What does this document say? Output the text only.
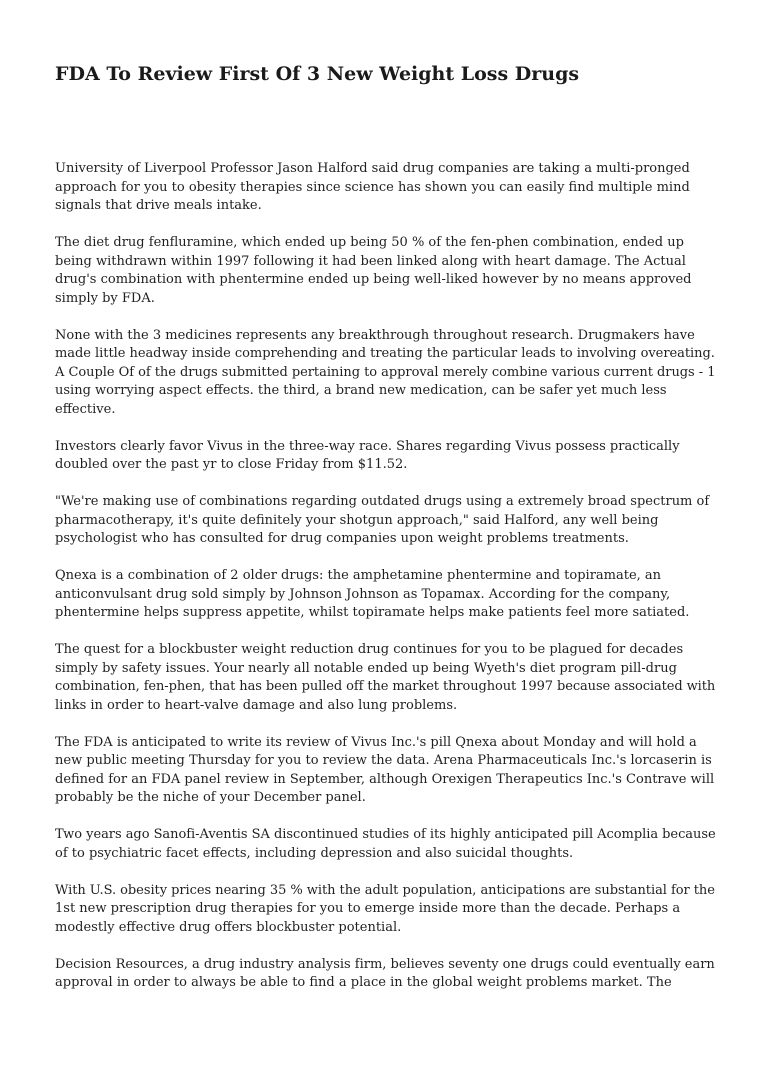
FDA To Review First Of 3 New Weight Loss Drugs

University of Liverpool Professor Jason Halford said drug companies are taking a multi-pronged
approach for you to obesity therapies since science has shown you can easily find multiple mind
signals that drive meals intake.

The diet drug fenfluramine, which ended up being 50 % of the fen-phen combination, ended up
being withdrawn within 1997 following it had been linked along with heart damage. The Actual
drug's combination with phentermine ended up being well-liked however by no means approved
simply by FDA.

None with the 3 medicines represents any breakthrough throughout research. Drugmakers have
made little headway inside comprehending and treating the particular leads to involving overeating.
A Couple Of of the drugs submitted pertaining to approval merely combine various current drugs - 1
using worrying aspect effects. the third, a brand new medication, can be safer yet much less
effective.

Investors clearly favor Vivus in the three-way race. Shares regarding Vivus possess practically
doubled over the past yr to close Friday from $11.52.

"We're making use of combinations regarding outdated drugs using a extremely broad spectrum of
pharmacotherapy, it's quite definitely your shotgun approach," said Halford, any well being
psychologist who has consulted for drug companies upon weight problems treatments.

Qnexa is a combination of 2 older drugs: the amphetamine phentermine and topiramate, an
anticonvulsant drug sold simply by Johnson Johnson as Topamax. According for the company,
phentermine helps suppress appetite, whilst topiramate helps make patients feel more satiated.

The quest for a blockbuster weight reduction drug continues for you to be plagued for decades
simply by safety issues. Your nearly all notable ended up being Wyeth's diet program pill-drug
combination, fen-phen, that has been pulled off the market throughout 1997 because associated with
links in order to heart-valve damage and also lung problems.

The FDA is anticipated to write its review of Vivus Inc.'s pill Qnexa about Monday and will hold a
new public meeting Thursday for you to review the data. Arena Pharmaceuticals Inc.'s lorcaserin is
defined for an FDA panel review in September, although Orexigen Therapeutics Inc.'s Contrave will
probably be the niche of your December panel.

Two years ago Sanofi-Aventis SA discontinued studies of its highly anticipated pill Acomplia because
of to psychiatric facet effects, including depression and also suicidal thoughts.

With U.S. obesity prices nearing 35 % with the adult population, anticipations are substantial for the
1st new prescription drug therapies for you to emerge inside more than the decade. Perhaps a
modestly effective drug offers blockbuster potential.

Decision Resources, a drug industry analysis firm, believes seventy one drugs could eventually earn
approval in order to always be able to find a place in the global weight problems market. The
